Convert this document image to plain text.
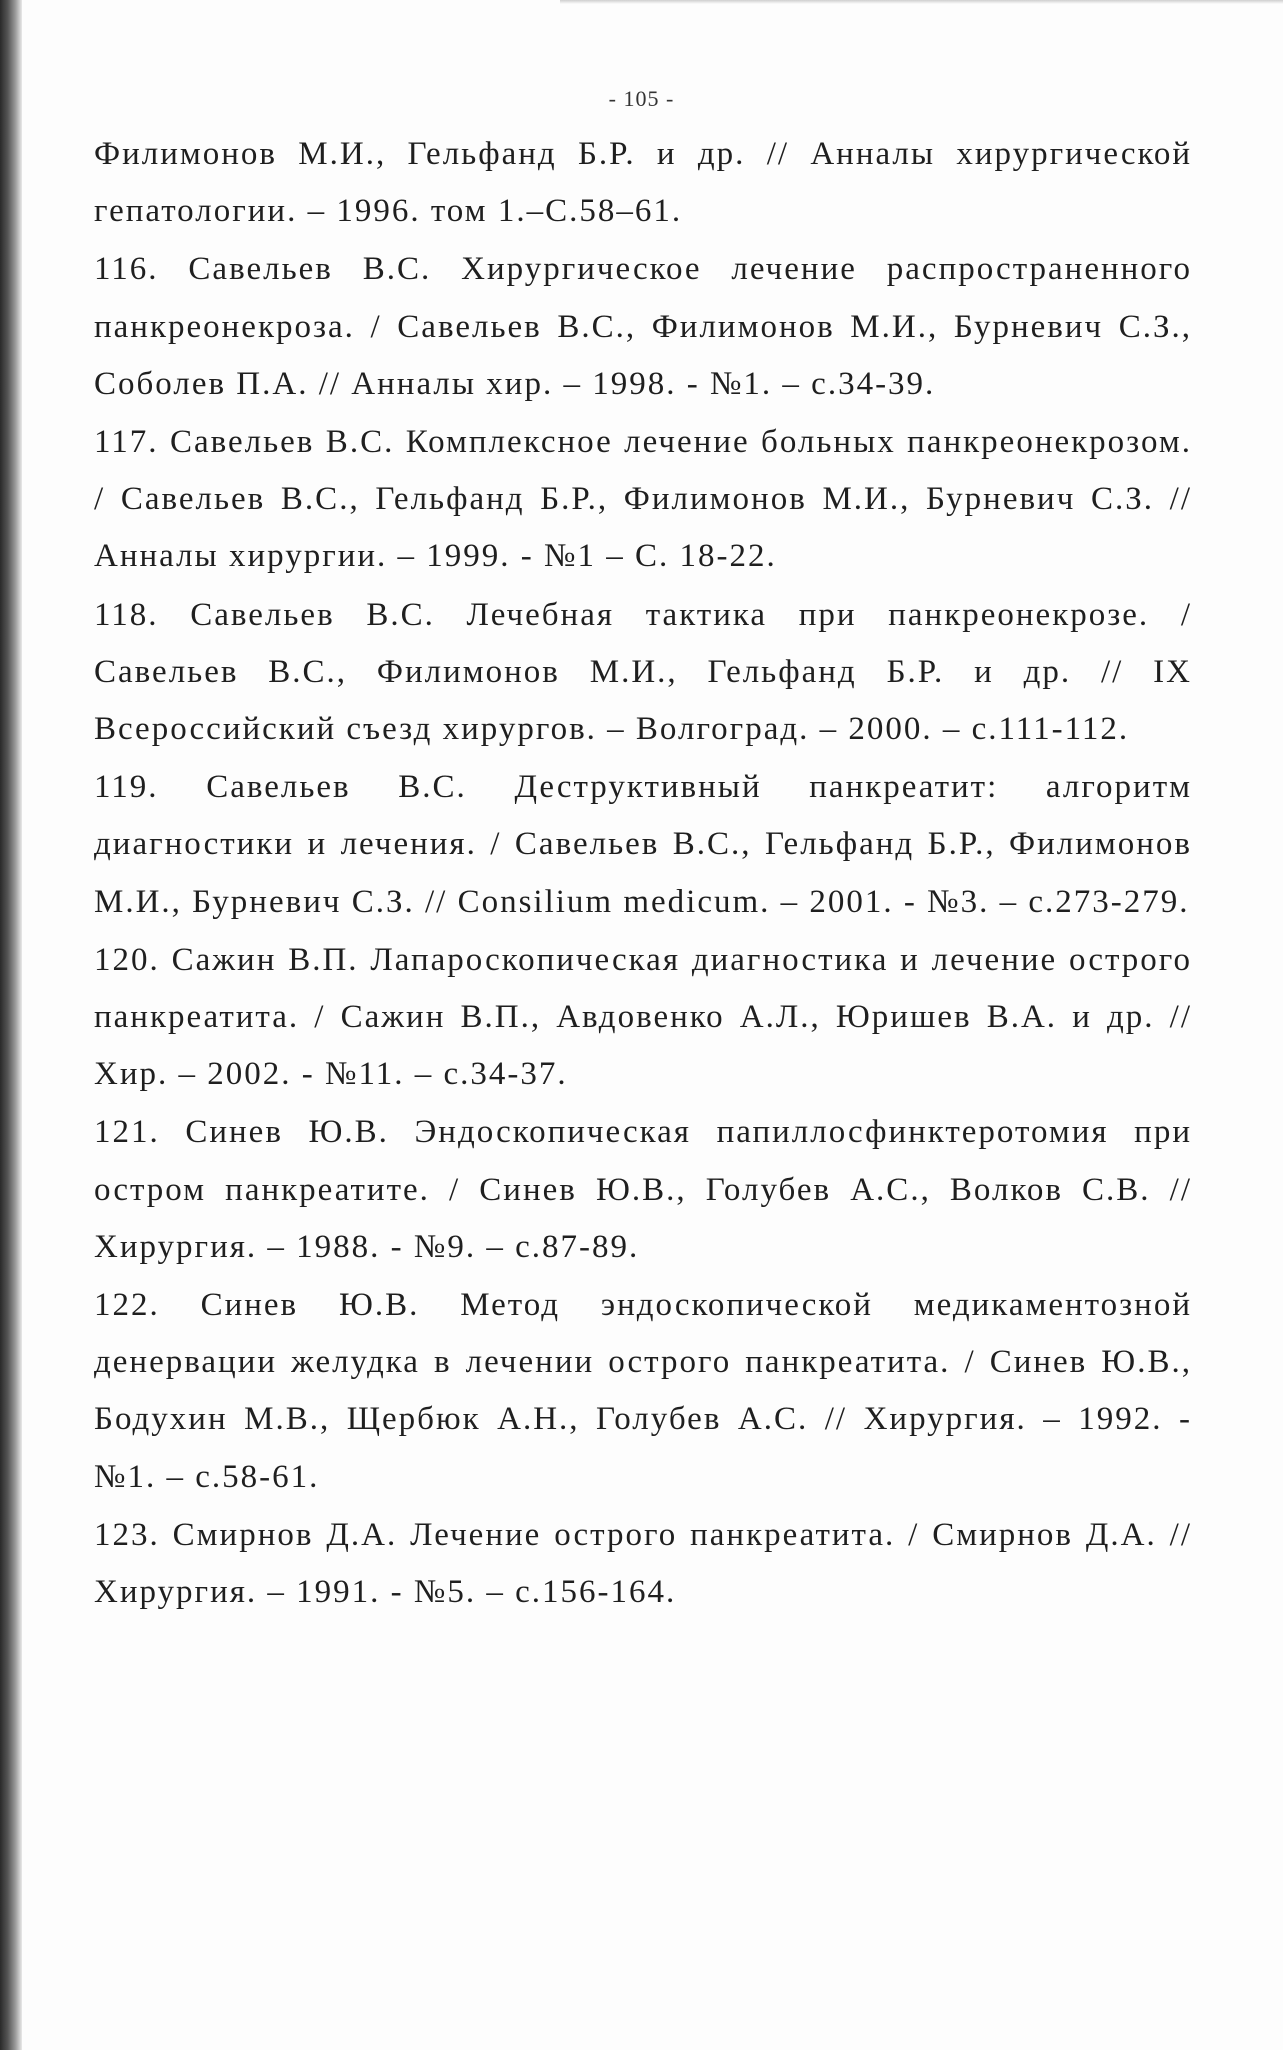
- 105 -

Филимонов М.И., Гельфанд Б.Р. и др. // Анналы хирургической гепатологии. – 1996. том 1.–С.58–61.

116. Савельев В.С. Хирургическое лечение распространенного панкреонекроза. / Савельев В.С., Филимонов М.И., Бурневич С.З., Соболев П.А. // Анналы хир. – 1998. - №1. – с.34-39.

117. Савельев В.С. Комплексное лечение больных панкреонекрозом. / Савельев В.С., Гельфанд Б.Р., Филимонов М.И., Бурневич С.З. // Анналы хирургии. – 1999. - №1 – С. 18-22.

118. Савельев В.С. Лечебная тактика при панкреонекрозе. / Савельев В.С., Филимонов М.И., Гельфанд Б.Р. и др. // IX Всероссийский съезд хирургов. – Волгоград. – 2000. – с.111-112.

119. Савельев В.С. Деструктивный панкреатит: алгоритм диагностики и лечения. / Савельев В.С., Гельфанд Б.Р., Филимонов М.И., Бурневич С.З. // Consilium medicum. – 2001. - №3. – с.273-279.

120. Сажин В.П. Лапароскопическая диагностика и лечение острого панкреатита. / Сажин В.П., Авдовенко А.Л., Юришев В.А. и др. // Хир. – 2002. - №11. – с.34-37.

121. Синев Ю.В. Эндоскопическая папиллосфинктеротомия при остром панкреатите. / Синев Ю.В., Голубев А.С., Волков С.В. // Хирургия. – 1988. - №9. – с.87-89.

122. Синев Ю.В. Метод эндоскопической медикаментозной денервации желудка в лечении острого панкреатита. / Синев Ю.В., Бодухин М.В., Щербюк А.Н., Голубев А.С. // Хирургия. – 1992. - №1. – с.58-61.

123. Смирнов Д.А. Лечение острого панкреатита. / Смирнов Д.А. // Хирургия. – 1991. - №5. – с.156-164.
